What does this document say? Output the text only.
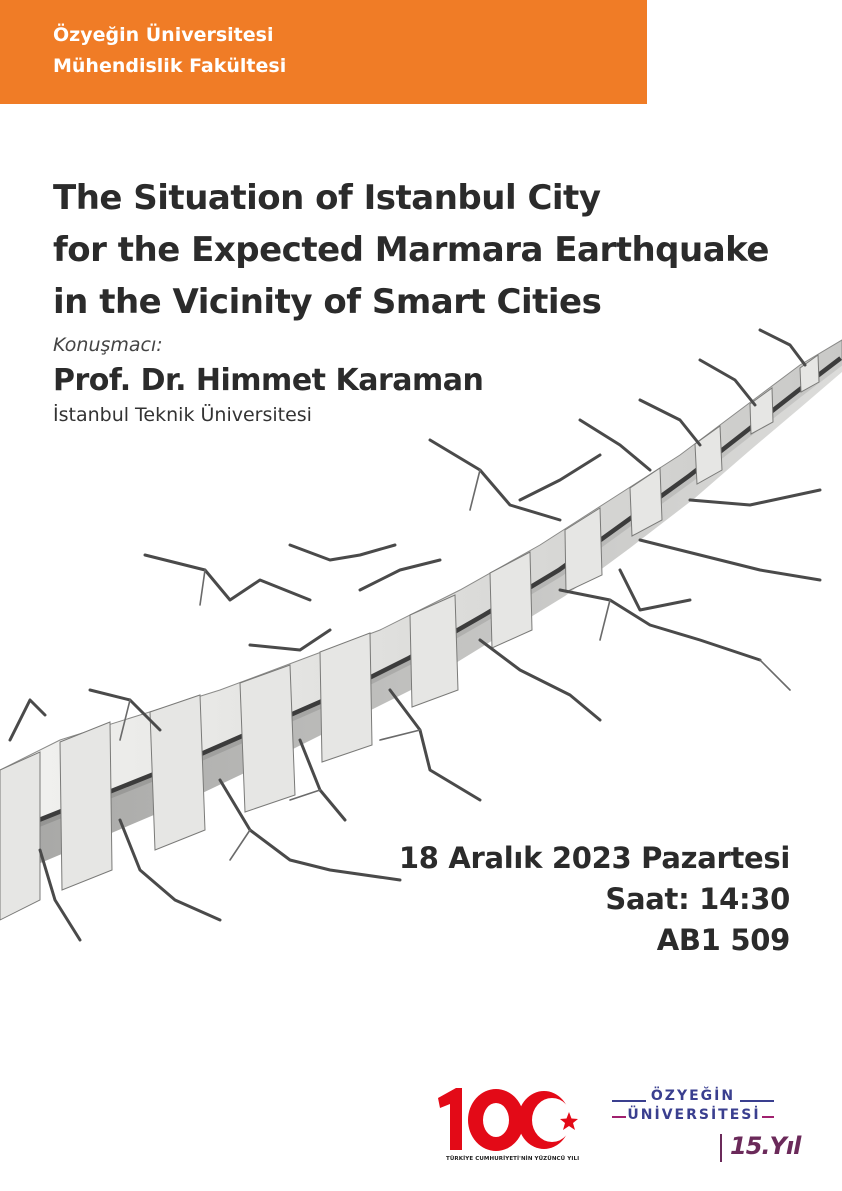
Özyeğin Üniversitesi
Mühendislik Fakültesi
The Situation of Istanbul City
for the Expected Marmara Earthquake
in the Vicinity of Smart Cities
Konuşmacı:
Prof. Dr. Himmet Karaman
İstanbul Teknik Üniversitesi
18 Aralık 2023 Pazartesi
Saat: 14:30
AB1 509
TÜRKİYE CUMHURİYETİ'NİN YÜZÜNCÜ YILI
ÖZYEĞİN
ÜNİVERSİTESİ
15.Yıl
